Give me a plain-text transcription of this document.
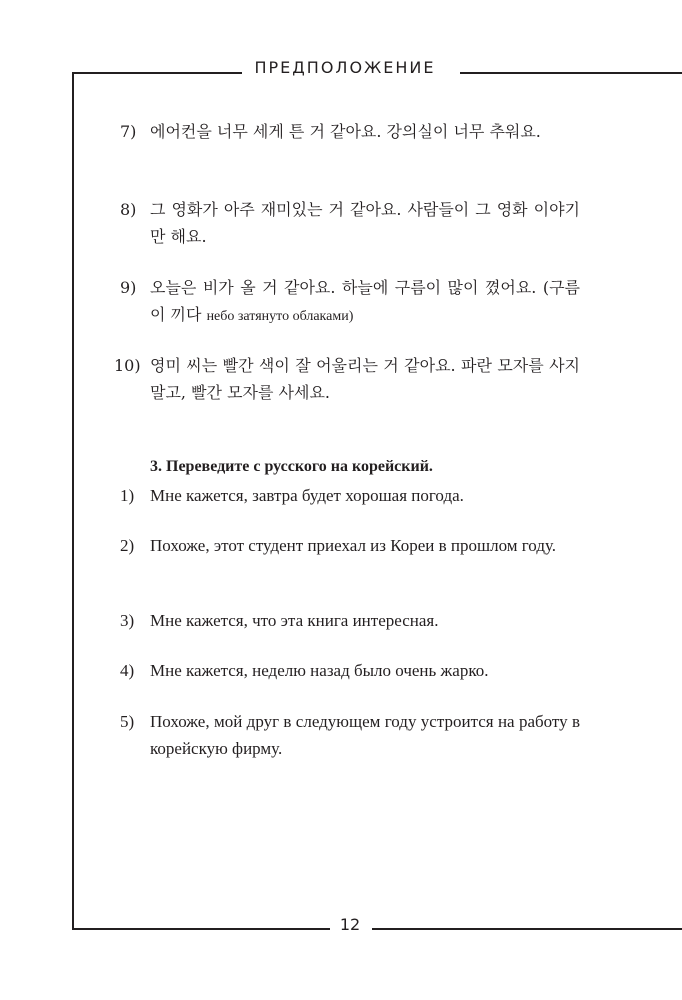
ПРЕДПОЛОЖЕНИЕ
7) 에어컨을 너무 세게 튼 거 같아요. 강의실이 너무 추워요.
8) 그 영화가 아주 재미있는 거 같아요. 사람들이 그 영화 이야기만 해요.
9) 오늘은 비가 올 거 같아요. 하늘에 구름이 많이 꼈어요. (구름이 끼다 небо затянуто облаками)
10) 영미 씨는 빨간 색이 잘 어울리는 거 같아요. 파란 모자를 사지 말고, 빨간 모자를 사세요.
3. Переведите с русского на корейский.
1) Мне кажется, завтра будет хорошая погода.
2) Похоже, этот студент приехал из Кореи в прошлом году.
3) Мне кажется, что эта книга интересная.
4) Мне кажется, неделю назад было очень жарко.
5) Похоже, мой друг в следующем году устроится на работу в корейскую фирму.
12
